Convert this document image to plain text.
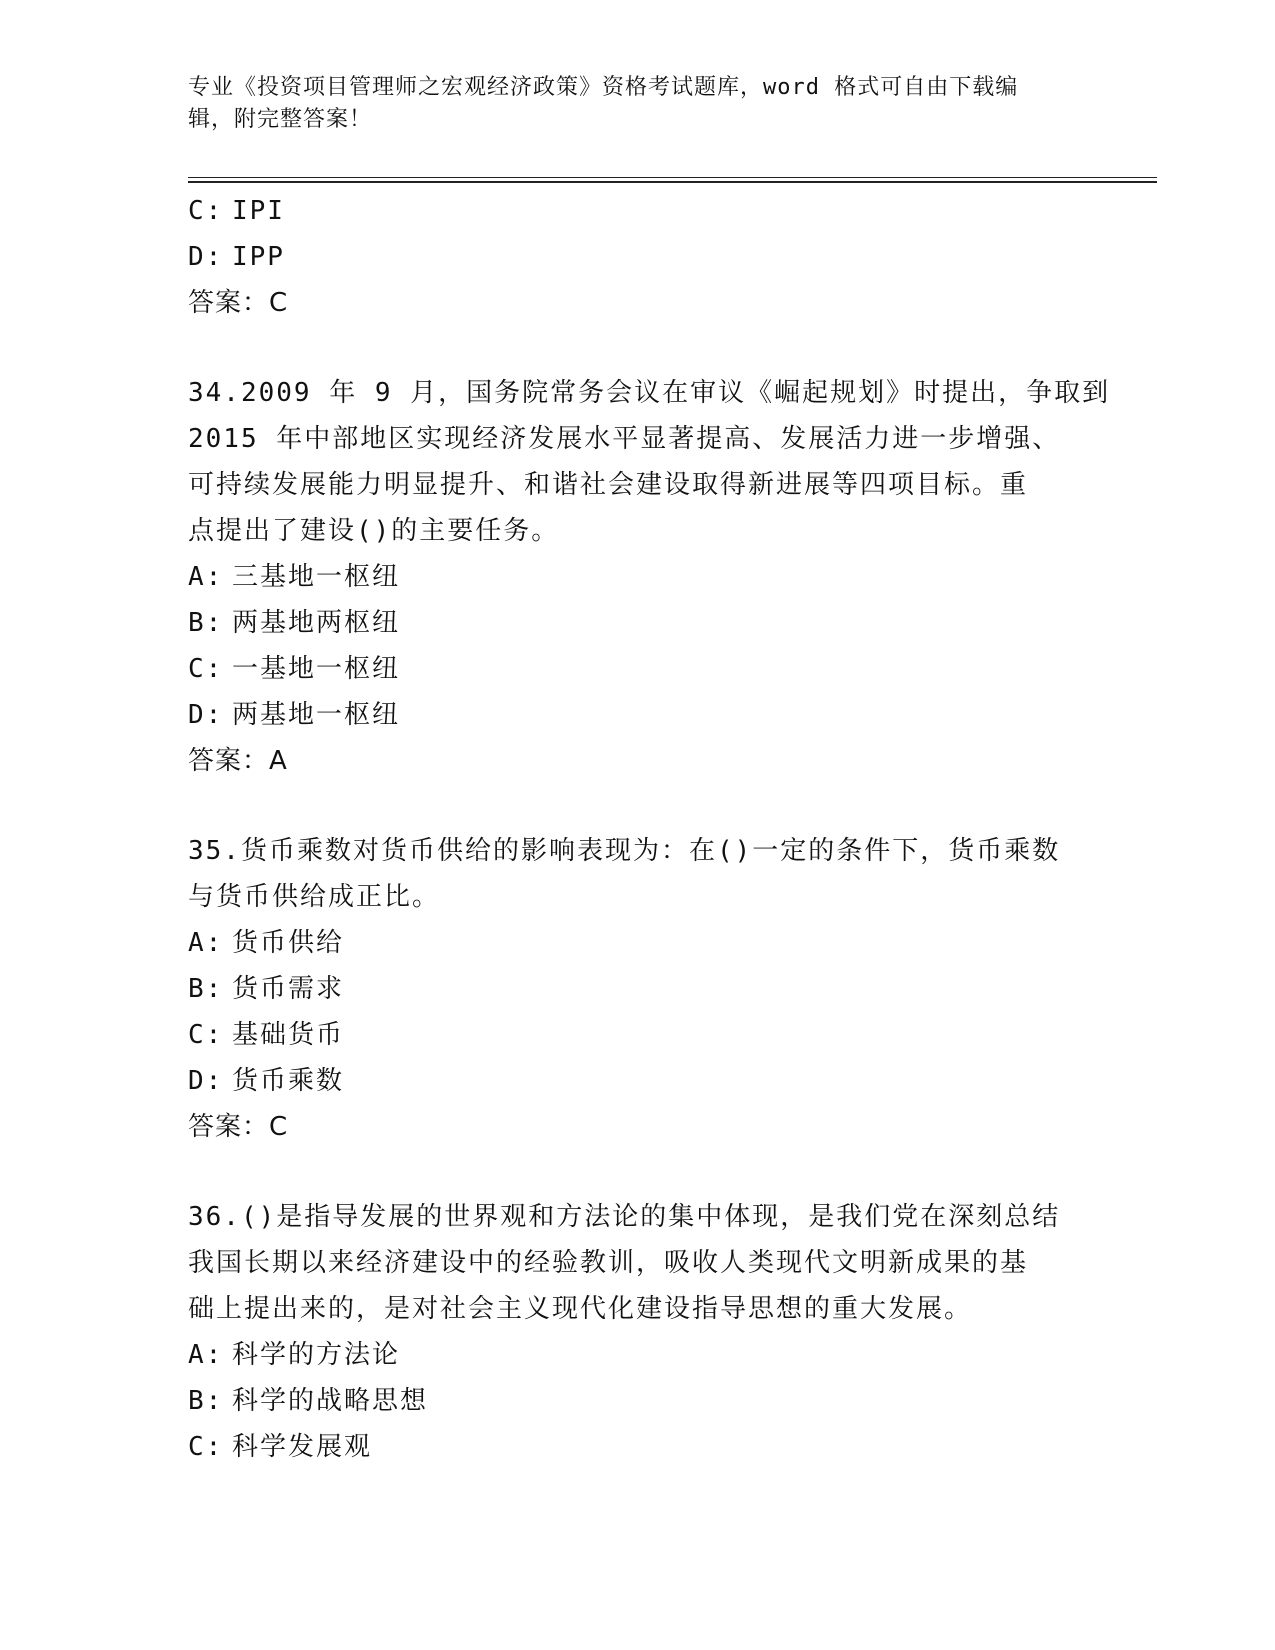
专业《投资项目管理师之宏观经济政策》资格考试题库，word 格式可自由下载编
辑，附完整答案！
C: IPI
D: IPP
答案：C
34.2009 年 9 月，国务院常务会议在审议《崛起规划》时提出，争取到
2015 年中部地区实现经济发展水平显著提高、发展活力进一步增强、
可持续发展能力明显提升、和谐社会建设取得新进展等四项目标。重
点提出了建设()的主要任务。
A: 三基地一枢纽
B: 两基地两枢纽
C: 一基地一枢纽
D: 两基地一枢纽
答案：A
35.货币乘数对货币供给的影响表现为：在()一定的条件下，货币乘数
与货币供给成正比。
A: 货币供给
B: 货币需求
C: 基础货币
D: 货币乘数
答案：C
36.()是指导发展的世界观和方法论的集中体现，是我们党在深刻总结
我国长期以来经济建设中的经验教训，吸收人类现代文明新成果的基
础上提出来的，是对社会主义现代化建设指导思想的重大发展。
A: 科学的方法论
B: 科学的战略思想
C: 科学发展观
